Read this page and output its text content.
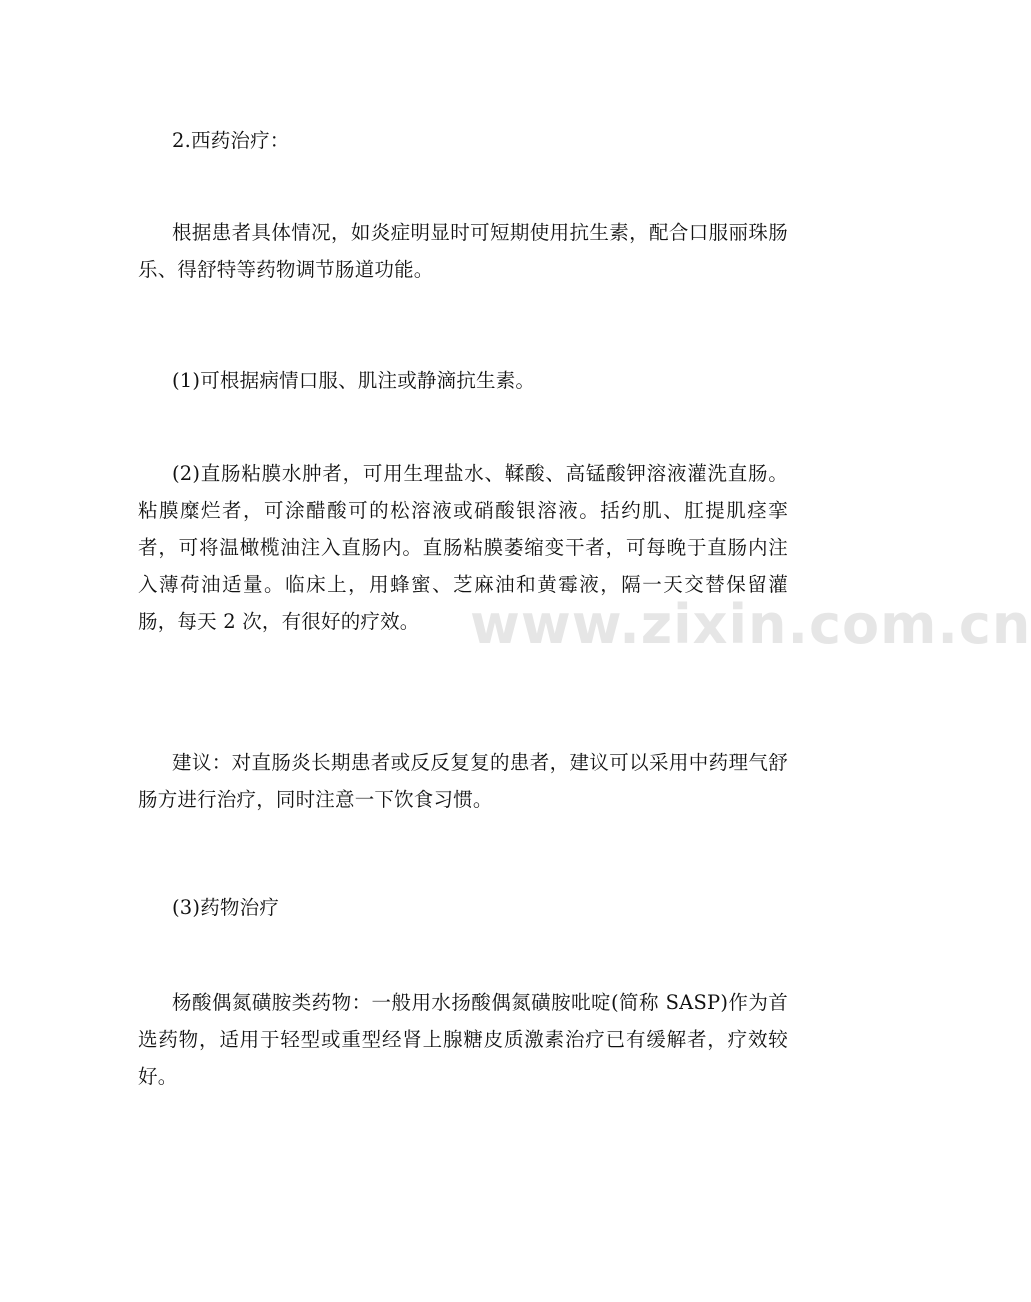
2.西药治疗：

根据患者具体情况，如炎症明显时可短期使用抗生素，配合口服丽珠肠乐、得舒特等药物调节肠道功能。

(1)可根据病情口服、肌注或静滴抗生素。

(2)直肠粘膜水肿者，可用生理盐水、鞣酸、高锰酸钾溶液灌洗直肠。粘膜糜烂者，可涂醋酸可的松溶液或硝酸银溶液。括约肌、肛提肌痉挛者，可将温橄榄油注入直肠内。直肠粘膜萎缩变干者，可每晚于直肠内注入薄荷油适量。临床上，用蜂蜜、芝麻油和黄霉液，隔一天交替保留灌肠，每天 2 次，有很好的疗效。

建议：对直肠炎长期患者或反反复复的患者，建议可以采用中药理气舒肠方进行治疗，同时注意一下饮食习惯。

(3)药物治疗

杨酸偶氮磺胺类药物：一般用水扬酸偶氮磺胺吡啶(简称 SASP)作为首选药物，适用于轻型或重型经肾上腺糖皮质激素治疗已有缓解者，疗效较好。

www.zixin.com.cn
